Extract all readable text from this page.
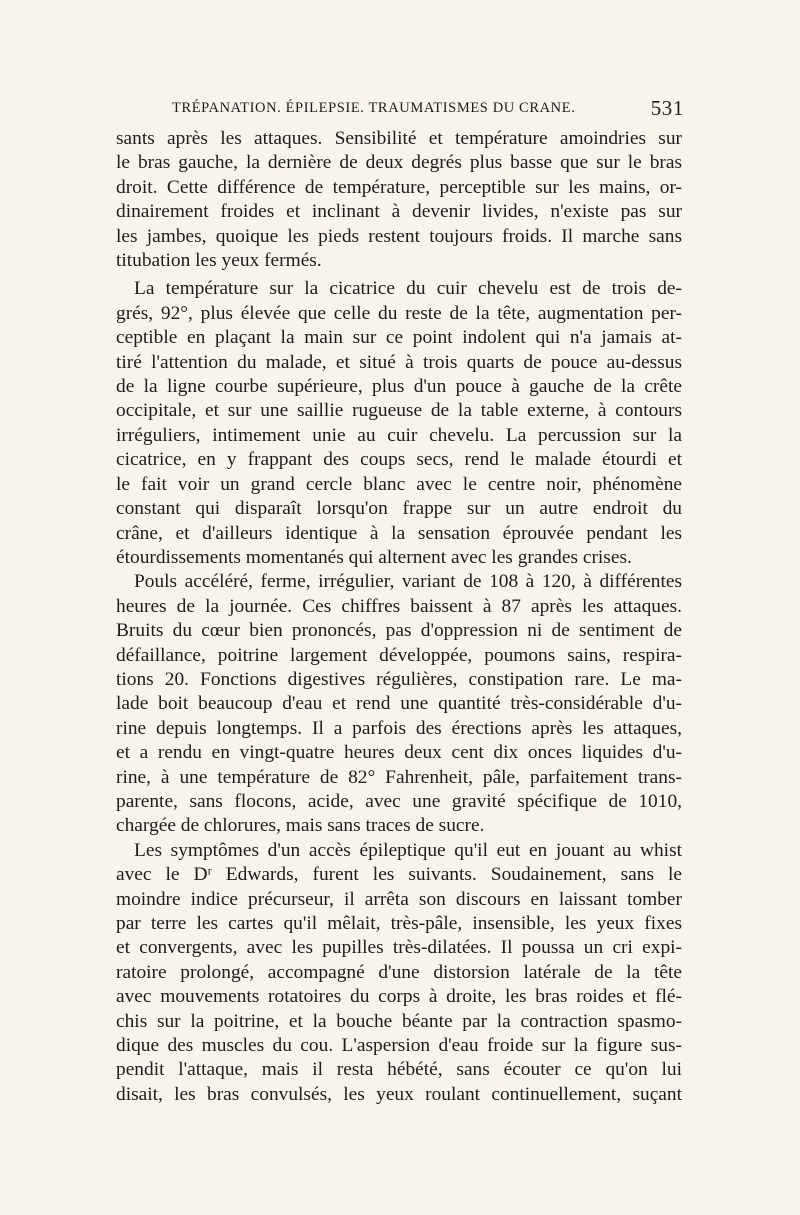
TRÉPANATION. ÉPILEPSIE. TRAUMATISMES DU CRANE.	531

sants après les attaques. Sensibilité et température amoindries sur
le bras gauche, la dernière de deux degrés plus basse que sur le bras
droit. Cette différence de température, perceptible sur les mains, or-
dinairement froides et inclinant à devenir livides, n'existe pas sur
les jambes, quoique les pieds restent toujours froids. Il marche sans
titubation les yeux fermés.

La température sur la cicatrice du cuir chevelu est de trois de-
grés, 92°, plus élevée que celle du reste de la tête, augmentation per-
ceptible en plaçant la main sur ce point indolent qui n'a jamais at-
tiré l'attention du malade, et situé à trois quarts de pouce au-dessus
de la ligne courbe supérieure, plus d'un pouce à gauche de la crête
occipitale, et sur une saillie rugueuse de la table externe, à contours
irréguliers, intimement unie au cuir chevelu. La percussion sur la
cicatrice, en y frappant des coups secs, rend le malade étourdi et
le fait voir un grand cercle blanc avec le centre noir, phénomène
constant qui disparaît lorsqu'on frappe sur un autre endroit du
crâne, et d'ailleurs identique à la sensation éprouvée pendant les
étourdissements momentanés qui alternent avec les grandes crises.

Pouls accéléré, ferme, irrégulier, variant de 108 à 120, à différentes
heures de la journée. Ces chiffres baissent à 87 après les attaques.
Bruits du cœur bien prononcés, pas d'oppression ni de sentiment de
défaillance, poitrine largement développée, poumons sains, respira-
tions 20. Fonctions digestives régulières, constipation rare. Le ma-
lade boit beaucoup d'eau et rend une quantité très-considérable d'u-
rine depuis longtemps. Il a parfois des érections après les attaques,
et a rendu en vingt-quatre heures deux cent dix onces liquides d'u-
rine, à une température de 82° Fahrenheit, pâle, parfaitement trans-
parente, sans flocons, acide, avec une gravité spécifique de 1010,
chargée de chlorures, mais sans traces de sucre.

Les symptômes d'un accès épileptique qu'il eut en jouant au whist
avec le Dʳ Edwards, furent les suivants. Soudainement, sans le
moindre indice précurseur, il arrêta son discours en laissant tomber
par terre les cartes qu'il mêlait, très-pâle, insensible, les yeux fixes
et convergents, avec les pupilles très-dilatées. Il poussa un cri expi-
ratoire prolongé, accompagné d'une distorsion latérale de la tête
avec mouvements rotatoires du corps à droite, les bras roides et flé-
chis sur la poitrine, et la bouche béante par la contraction spasmo-
dique des muscles du cou. L'aspersion d'eau froide sur la figure sus-
pendit l'attaque, mais il resta hébété, sans écouter ce qu'on lui
disait, les bras convulsés, les yeux roulant continuellement, suçant
